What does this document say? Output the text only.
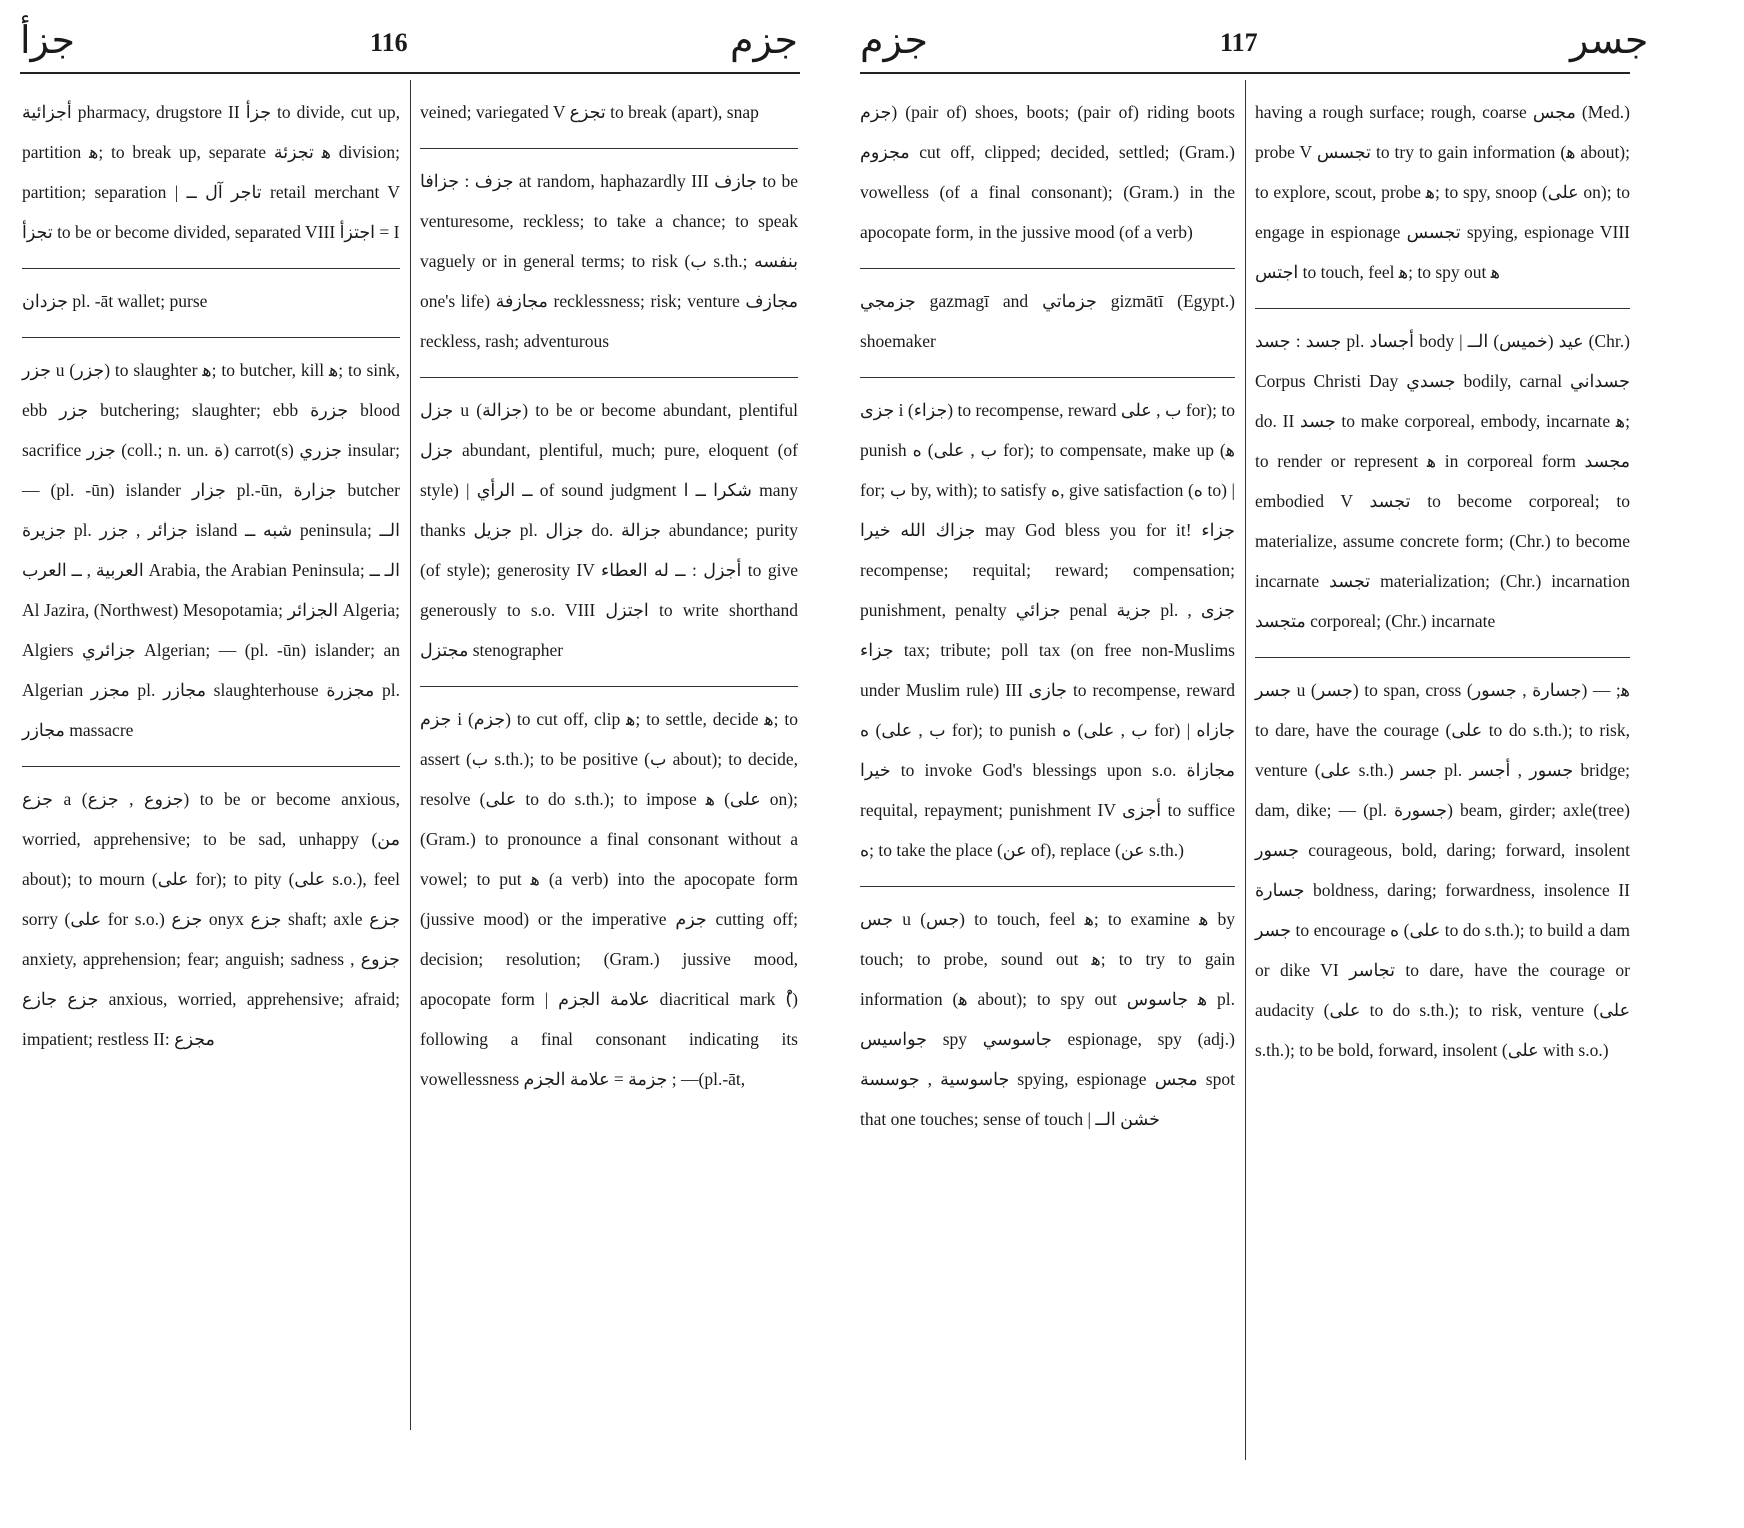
جزأ	116	جزم

أجزائية pharmacy, drugstore II جزأ to divide, cut up, partition ﻫ; to break up, separate ﻫ تجزئة division; partition; separation | تاجر آل ــ retail merchant V تجزأ to be or become divided, separated VIII اجتزأ = I

جزدان pl. -āt wallet; purse

جزر u (جزر) to slaughter ﻫ; to butcher, kill ﻫ; to sink, ebb جزر butchering; slaughter; ebb جزرة blood sacrifice جزر (coll.; n. un. ة) carrot(s) جزري insular; — (pl. -ūn) islander جزار pl.-ūn, جزارة butcher جزيرة pl. جزائر , جزر island شبه ــ peninsula; الــ العربية , ــ العرب Arabia, the Arabian Peninsula; الـ ــ Al Jazira, (Northwest) Mesopotamia; الجزائر Algeria; Algiers جزائري Algerian; — (pl. -ūn) islander; an Algerian مجزر pl. مجازر slaughterhouse مجزرة pl. مجازر massacre

جزع a (جزوع , جزع) to be or become anxious, worried, apprehensive; to be sad, unhappy (من about); to mourn (على for); to pity (على s.o.), feel sorry (على for s.o.) جزع onyx جزع shaft; axle جزع anxiety, apprehension; fear; anguish; sadness جزوع , جزع جازع anxious, worried, apprehensive; afraid; impatient; restless II: مجزع

veined; variegated V تجزع to break (apart), snap

جزف : جزافا at random, haphazardly III جازف to be venturesome, reckless; to take a chance; to speak vaguely or in general terms; to risk (ب s.th.; بنفسه one's life) مجازفة recklessness; risk; venture مجازف reckless, rash; adventurous

جزل u (جزالة) to be or become abundant, plentiful جزل abundant, plentiful, much; pure, eloquent (of style) | ــ الرأي of sound judgment شكرا ــ ا many thanks جزيل pl. جزال do. جزالة abundance; purity (of style); generosity IV أجزل : ــ له العطاء to give generously to s.o. VIII اجتزل to write shorthand مجتزل stenographer

جزم i (جزم) to cut off, clip ﻫ; to settle, decide ﻫ; to assert (ب s.th.); to be positive (ب about); to decide, resolve (على to do s.th.); to impose ﻫ (على on); (Gram.) to pronounce a final consonant without a vowel; to put ﻫ (a verb) into the apocopate form (jussive mood) or the imperative جزم cutting off; decision; resolution; (Gram.) jussive mood, apocopate form | علامة الجزم diacritical mark (ْ) following a final consonant indicating its vowellessness جزمة = علامة الجزم ; —(pl.-āt,

جزم	117	جسر

جزم) (pair of) shoes, boots; (pair of) riding boots مجزوم cut off, clipped; decided, settled; (Gram.) vowelless (of a final consonant); (Gram.) in the apocopate form, in the jussive mood (of a verb)

جزمجي gazmagī and جزماتي gizmātī (Egypt.) shoemaker

جزى i (جزاء) to recompense, reward ب , على for); to punish ه (ب , على for); to compensate, make up (ﻫ for; ب by, with); to satisfy ه, give satisfaction (ه to) | جزاك الله خيرا may God bless you for it! جزاء recompense; requital; reward; compensation; punishment, penalty جزائي penal جزية pl. جزى , جزاء tax; tribute; poll tax (on free non-Muslims under Muslim rule) III جازى to recompense, reward ه (ب , على for); to punish ه (ب , على for) | جازاه خيرا to invoke God's blessings upon s.o. مجازاة requital, repayment; punishment IV أجزى to suffice ه; to take the place (عن of), replace (عن s.th.)

جس u (جس) to touch, feel ﻫ; to examine ﻫ by touch; to probe, sound out ﻫ; to try to gain information (ﻫ about); to spy out ﻫ جاسوس pl. جواسيس spy جاسوسي espionage, spy (adj.) جاسوسية , جوسسة spying, espionage مجس spot that one touches; sense of touch | خشن الــ

having a rough surface; rough, coarse مجس (Med.) probe V تجسس to try to gain information (ﻫ about); to explore, scout, probe ﻫ; to spy, snoop (على on); to engage in espionage تجسس spying, espionage VIII اجتس to touch, feel ﻫ; to spy out ﻫ

جسد : جسد pl. أجساد body | عيد (خميس) الــ (Chr.) Corpus Christi Day جسدي bodily, carnal جسداني do. II جسد to make corporeal, embody, incarnate ﻫ; to render or represent ﻫ in corporeal form مجسد embodied V تجسد to become corporeal; to materialize, assume concrete form; (Chr.) to become incarnate تجسد materialization; (Chr.) incarnation متجسد corporeal; (Chr.) incarnate

جسر u (جسر) to span, cross ﻫ; — (جسارة , جسور) to dare, have the courage (على to do s.th.); to risk, venture (على s.th.) جسر pl. جسور , أجسر bridge; dam, dike; — (pl. جسورة) beam, girder; axle(tree) جسور courageous, bold, daring; forward, insolent جسارة boldness, daring; forwardness, insolence II جسر to encourage ه (على to do s.th.); to build a dam or dike VI تجاسر to dare, have the courage or audacity (على to do s.th.); to risk, venture (على s.th.); to be bold, forward, insolent (على with s.o.)
